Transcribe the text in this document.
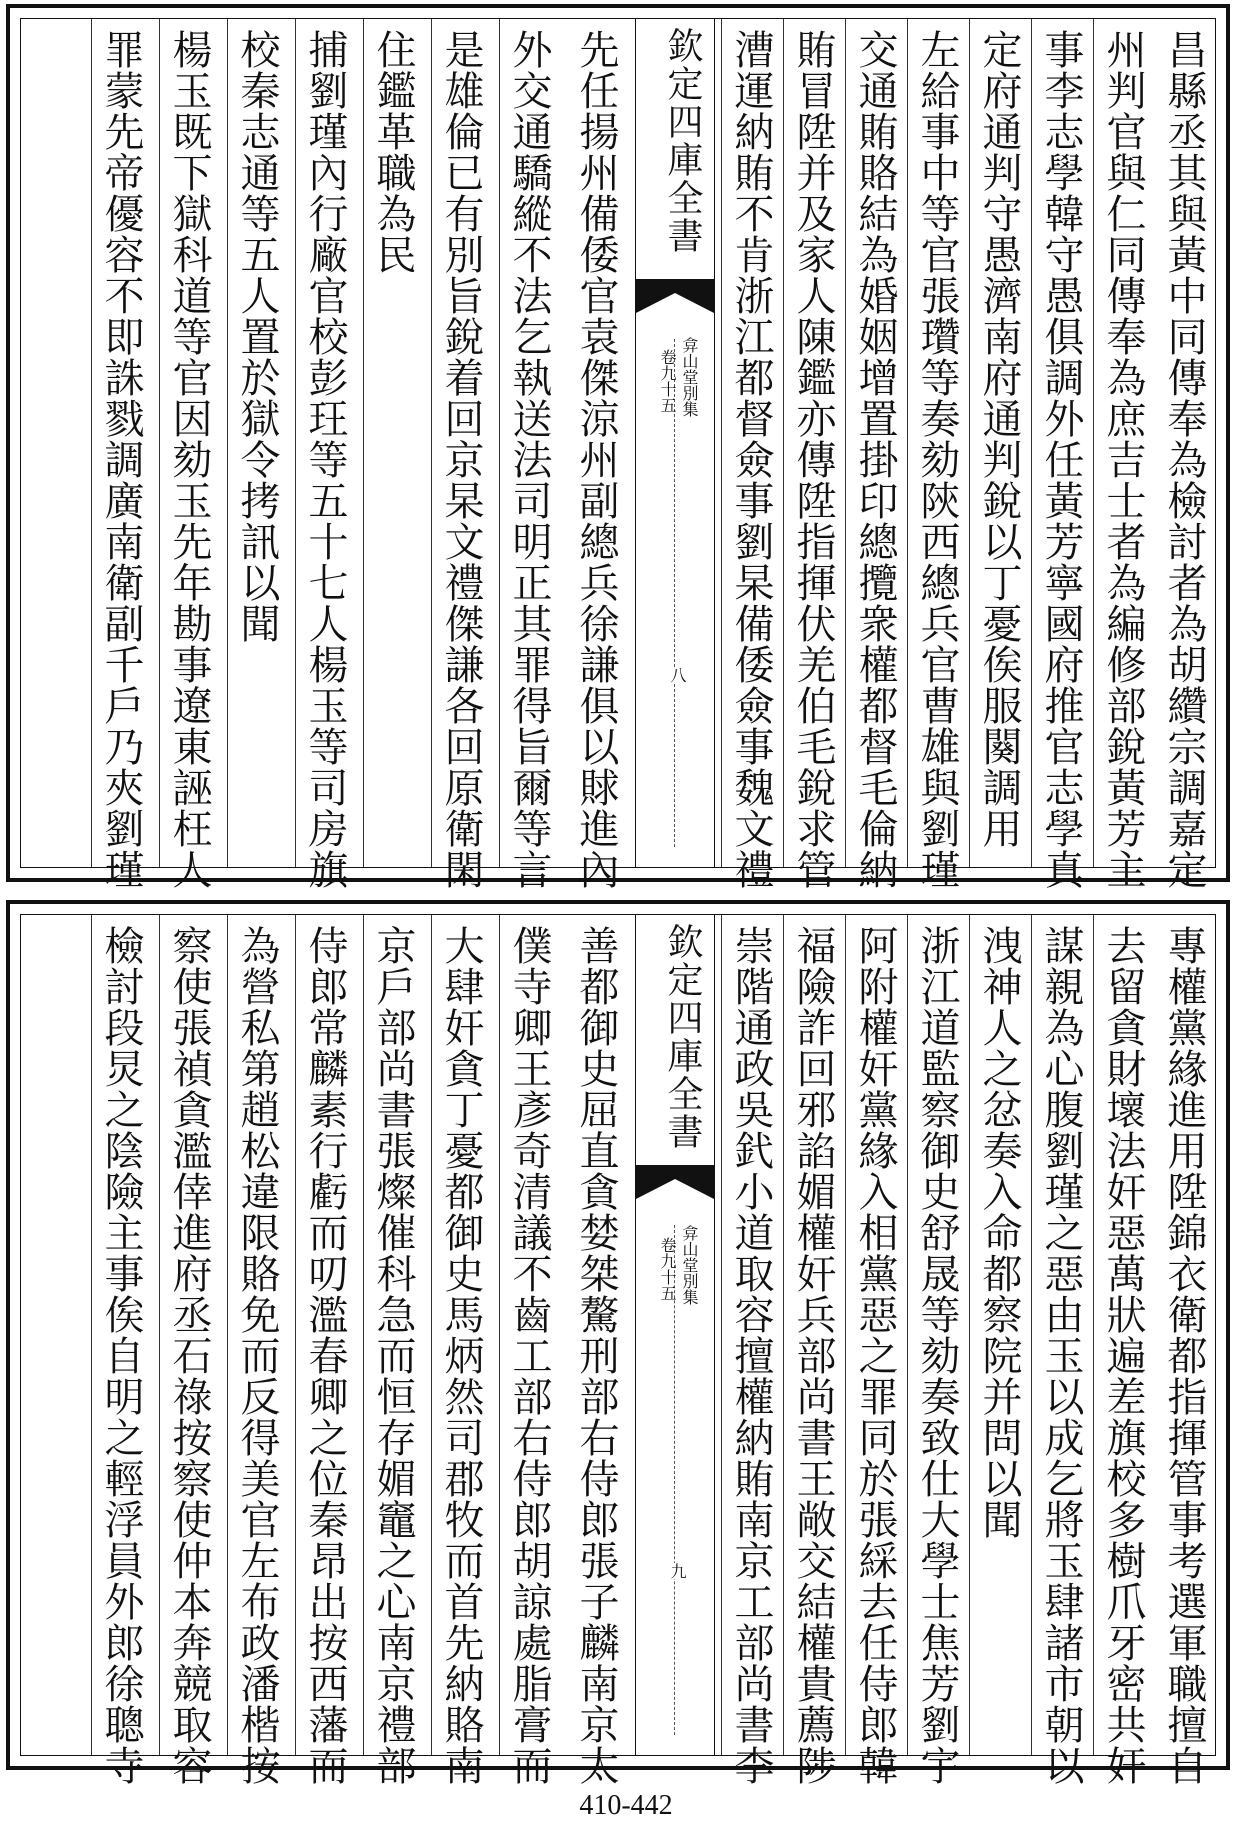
昌縣丞其與黃中同傳奉為檢討者為胡纘宗調嘉定
州判官與仁同傳奉為庶吉士者為編修部銳黃芳主
事李志學韓守愚俱調外任黃芳寧國府推官志學真
定府通判守愚濟南府通判銳以丁憂俟服闋調用
左給事中等官張瓚等奏劾陝西總兵官曹雄與劉瑾
交通賄賂結為婚姻增置掛印總攬衆權都督毛倫納
賄冒陞并及家人陳鑑亦傳陞指揮伏羌伯毛銳求管
漕運納賄不肯浙江都督僉事劉杲備倭僉事魏文禮
欽定四庫全書
弇山堂別集
卷九十五
八
先任揚州備倭官袁傑涼州副總兵徐謙俱以賕進內
外交通驕縱不法乞執送法司明正其罪得旨爾等言
是雄倫已有別旨銳着回京杲文禮傑謙各回原衛閑
住鑑革職為民
捕劉瑾內行廠官校彭玨等五十七人楊玉等司房旗
校秦志通等五人置於獄令拷訊以聞
楊玉既下獄科道等官因劾玉先年勘事遼東誣枉人
罪蒙先帝優容不即誅戮調廣南衛副千戶乃夾劉瑾
專權黨緣進用陞錦衣衛都指揮管事考選軍職擅自
去留貪財壞法奸惡萬狀遍差旗校多樹爪牙密共奸
謀親為心腹劉瑾之惡由玉以成乞將玉肆諸市朝以
洩神人之忿奏入命都察院并問以聞
浙江道監察御史舒晟等劾奏致仕大學士焦芳劉宇
阿附權奸黨緣入相黨惡之罪同於張綵去任侍郎韓
福險詐回邪諂媚權奸兵部尚書王敞交結權貴薦陟
崇階通政吳釴小道取容擅權納賄南京工部尚書李
欽定四庫全書
弇山堂別集
卷九十五
九
善都御史屈直貪婪桀驁刑部右侍郎張子麟南京太
僕寺卿王彥奇清議不齒工部右侍郎胡諒處脂膏而
大肆奸貪丁憂都御史馬炳然司郡牧而首先納賂南
京戶部尚書張燦催科急而恒存媚竈之心南京禮部
侍郎常麟素行虧而叨濫春卿之位秦昂出按西藩而
為營私第趙松違限賂免而反得美官左布政潘楷按
察使張禎貪濫倖進府丞石祿按察使仲本奔競取容
檢討段炅之陰險主事俟自明之輕浮員外郎徐聰寺
410-442
